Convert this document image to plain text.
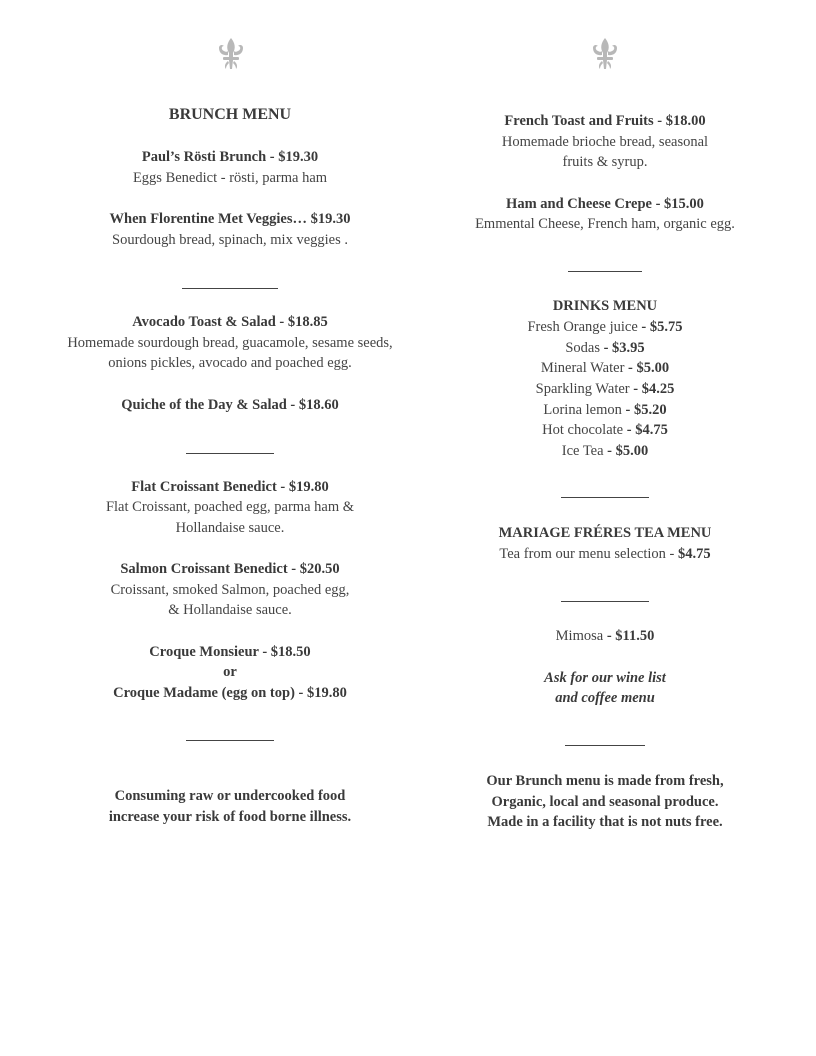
BRUNCH MENU
Paul’s Rösti Brunch - $19.30
Eggs Benedict - rösti, parma ham
When Florentine Met Veggies… $19.30
Sourdough bread, spinach, mix veggies .
Avocado Toast & Salad - $18.85
Homemade sourdough bread, guacamole, sesame seeds,
onions pickles, avocado and poached egg.
Quiche of the Day & Salad - $18.60
Flat Croissant Benedict - $19.80
Flat Croissant, poached egg, parma ham &
Hollandaise sauce.
Salmon Croissant Benedict - $20.50
Croissant, smoked Salmon, poached egg,
& Hollandaise sauce.
Croque Monsieur - $18.50
or
Croque Madame (egg on top) - $19.80
Consuming raw or undercooked food
increase your risk of food borne illness.
French Toast and Fruits - $18.00
Homemade brioche bread, seasonal
fruits & syrup.
Ham and Cheese Crepe - $15.00
Emmental Cheese, French ham, organic egg.
DRINKS MENU
Fresh Orange juice - $5.75
Sodas - $3.95
Mineral Water - $5.00
Sparkling Water - $4.25
Lorina lemon - $5.20
Hot chocolate - $4.75
Ice Tea - $5.00
MARIAGE FRÉRES TEA MENU
Tea from our menu selection - $4.75
Mimosa - $11.50
Ask for our wine list
and coffee menu
Our Brunch menu is made from fresh,
Organic, local and seasonal produce.
Made in a facility that is not nuts free.
